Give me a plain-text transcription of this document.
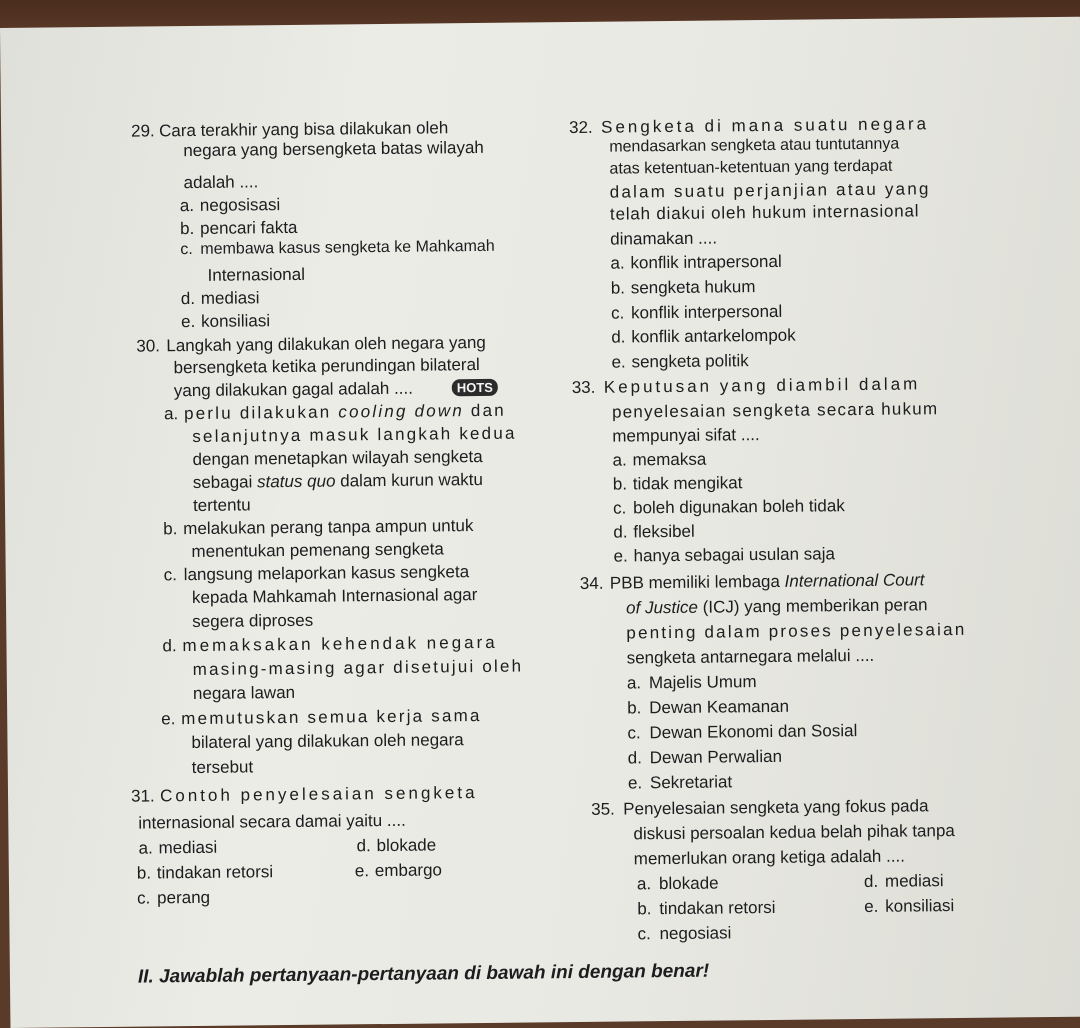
29. Cara terakhir yang bisa dilakukan oleh
negara yang bersengketa batas wilayah
adalah ....
a. negosisasi
b. pencari fakta
c. membawa kasus sengketa ke Mahkamah
Internasional
d. mediasi
e. konsiliasi
30. Langkah yang dilakukan oleh negara yang
bersengketa ketika perundingan bilateral
yang dilakukan gagal adalah ....	HOTS
a. perlu dilakukan cooling down dan
selanjutnya masuk langkah kedua
dengan menetapkan wilayah sengketa
sebagai status quo dalam kurun waktu
tertentu
b. melakukan perang tanpa ampun untuk
menentukan pemenang sengketa
c. langsung melaporkan kasus sengketa
kepada Mahkamah Internasional agar
segera diproses
d. memaksakan kehendak negara
masing-masing agar disetujui oleh
negara lawan
e. memutuskan semua kerja sama
bilateral yang dilakukan oleh negara
tersebut
31. Contoh penyelesaian sengketa
internasional secara damai yaitu ....
a. mediasi	d. blokade
b. tindakan retorsi	e. embargo
c. perang
32. Sengketa di mana suatu negara
mendasarkan sengketa atau tuntutannya
atas ketentuan-ketentuan yang terdapat
dalam suatu perjanjian atau yang
telah diakui oleh hukum internasional
dinamakan ....
a. konflik intrapersonal
b. sengketa hukum
c. konflik interpersonal
d. konflik antarkelompok
e. sengketa politik
33. Keputusan yang diambil dalam
penyelesaian sengketa secara hukum
mempunyai sifat ....
a. memaksa
b. tidak mengikat
c. boleh digunakan boleh tidak
d. fleksibel
e. hanya sebagai usulan saja
34. PBB memiliki lembaga International Court
of Justice (ICJ) yang memberikan peran
penting dalam proses penyelesaian
sengketa antarnegara melalui ....
a. Majelis Umum
b. Dewan Keamanan
c. Dewan Ekonomi dan Sosial
d. Dewan Perwalian
e. Sekretariat
35. Penyelesaian sengketa yang fokus pada
diskusi persoalan kedua belah pihak tanpa
memerlukan orang ketiga adalah ....
a. blokade	d. mediasi
b. tindakan retorsi	e. konsiliasi
c. negosiasi
II. Jawablah pertanyaan-pertanyaan di bawah ini dengan benar!
